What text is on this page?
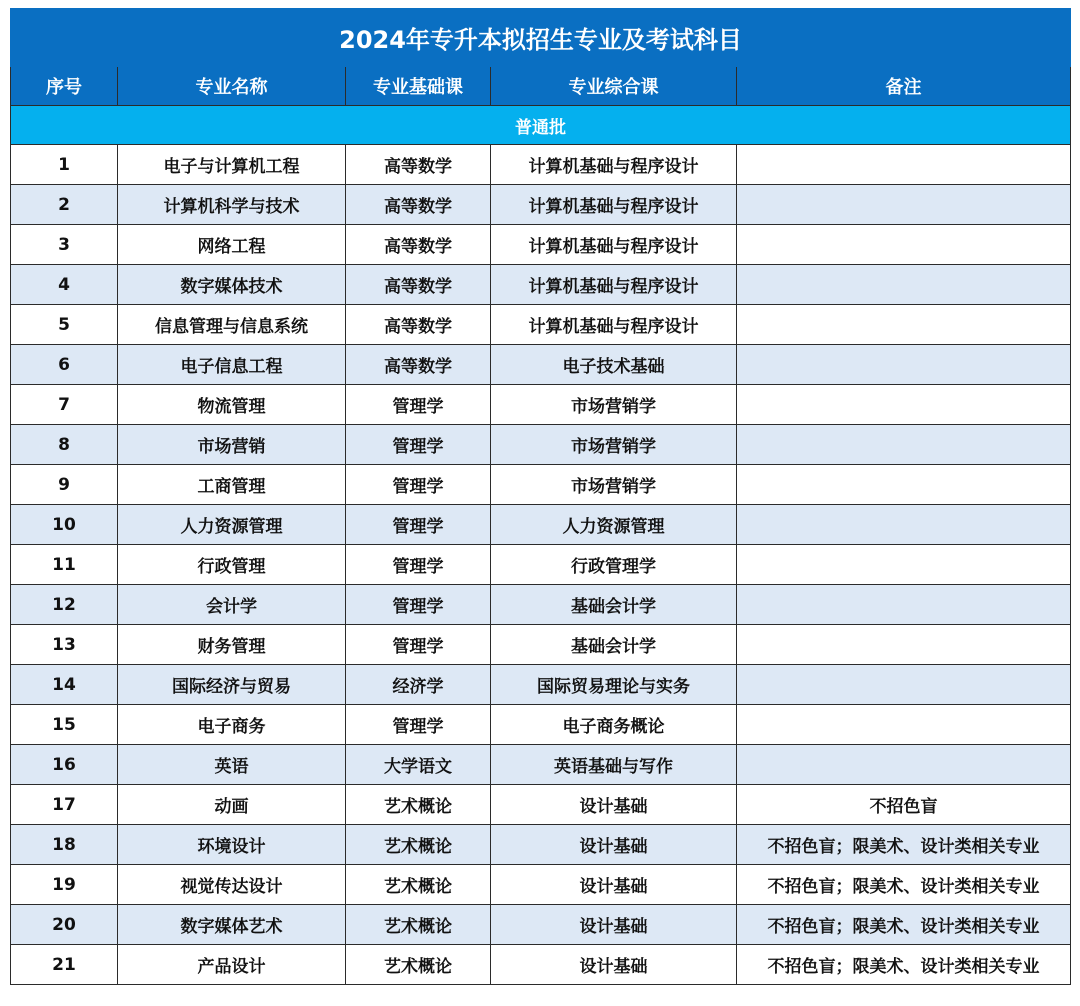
2024年专升本拟招生专业及考试科目				
序号	专业名称	专业基础课	专业综合课	备注
普通批				
1	电子与计算机工程	高等数学	计算机基础与程序设计	
2	计算机科学与技术	高等数学	计算机基础与程序设计	
3	网络工程	高等数学	计算机基础与程序设计	
4	数字媒体技术	高等数学	计算机基础与程序设计	
5	信息管理与信息系统	高等数学	计算机基础与程序设计	
6	电子信息工程	高等数学	电子技术基础	
7	物流管理	管理学	市场营销学	
8	市场营销	管理学	市场营销学	
9	工商管理	管理学	市场营销学	
10	人力资源管理	管理学	人力资源管理	
11	行政管理	管理学	行政管理学	
12	会计学	管理学	基础会计学	
13	财务管理	管理学	基础会计学	
14	国际经济与贸易	经济学	国际贸易理论与实务	
15	电子商务	管理学	电子商务概论	
16	英语	大学语文	英语基础与写作	
17	动画	艺术概论	设计基础	不招色盲
18	环境设计	艺术概论	设计基础	不招色盲；限美术、设计类相关专业
19	视觉传达设计	艺术概论	设计基础	不招色盲；限美术、设计类相关专业
20	数字媒体艺术	艺术概论	设计基础	不招色盲；限美术、设计类相关专业
21	产品设计	艺术概论	设计基础	不招色盲；限美术、设计类相关专业
